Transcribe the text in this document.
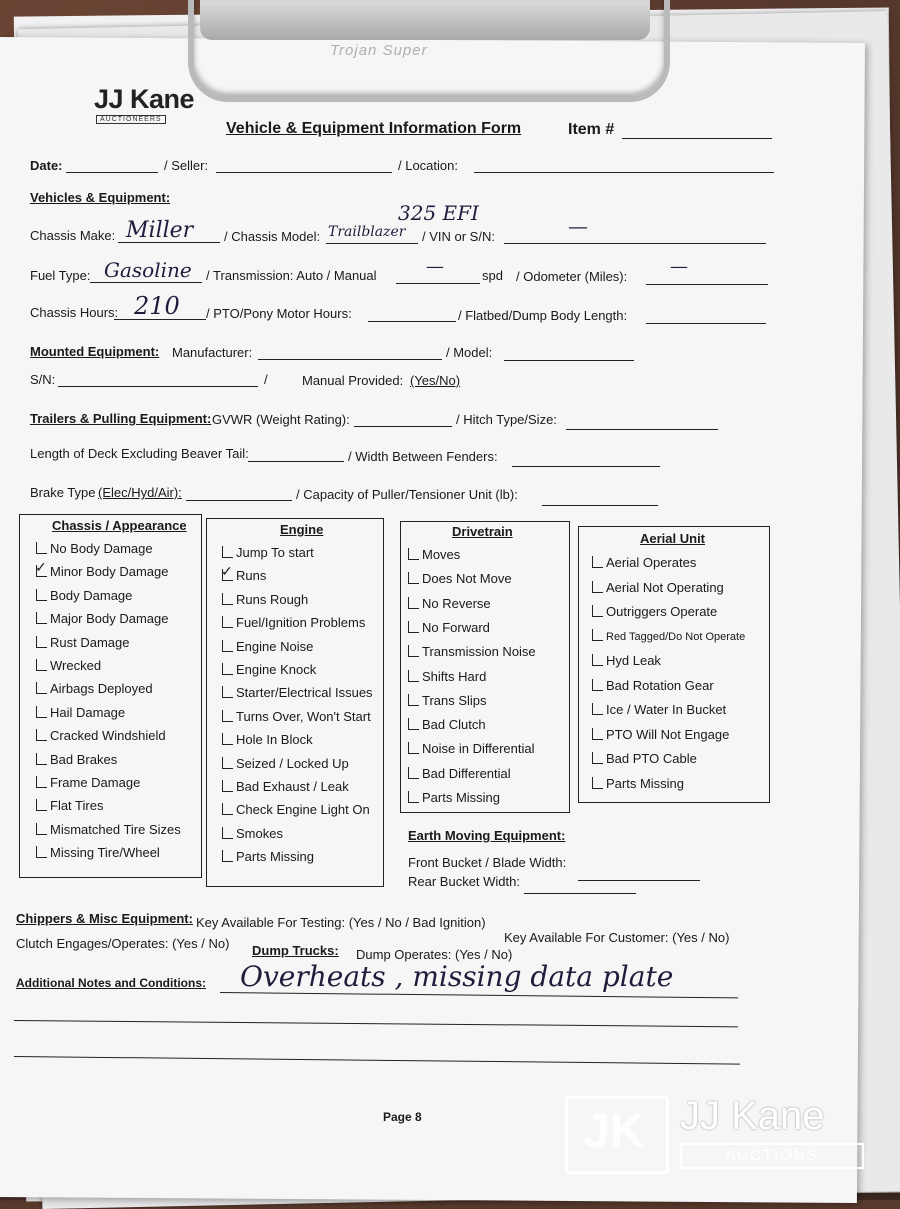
Trojan Super
JJ Kane
AUCTIONEERS
Vehicle & Equipment Information Form	Item #
Date:	/ Seller:	/ Location:
Vehicles & Equipment:
Chassis Make: Miller / Chassis Model: Trailblazer
325 EFI
/ VIN or S/N:	—
Fuel Type: Gasoline / Transmission: Auto / Manual	—	spd / Odometer (Miles): —
Chassis Hours: 210 / PTO/Pony Motor Hours:	/ Flatbed/Dump Body Length:
Mounted Equipment: Manufacturer:	/ Model:
S/N:	/	Manual Provided: (Yes/No)
Trailers & Pulling Equipment: GVWR (Weight Rating):	/ Hitch Type/Size:
Length of Deck Excluding Beaver Tail:	/ Width Between Fenders:
Brake Type (Elec/Hyd/Air):	/ Capacity of Puller/Tensioner Unit (lb):
Chassis / Appearance
No Body Damage
✓Minor Body Damage
Body Damage
Major Body Damage
Rust Damage
Wrecked
Airbags Deployed
Hail Damage
Cracked Windshield
Bad Brakes
Frame Damage
Flat Tires
Mismatched Tire Sizes
Missing Tire/Wheel
Engine
Jump To start
✓Runs
Runs Rough
Fuel/Ignition Problems
Engine Noise
Engine Knock
Starter/Electrical Issues
Turns Over, Won't Start
Hole In Block
Seized / Locked Up
Bad Exhaust / Leak
Check Engine Light On
Smokes
Parts Missing
Drivetrain
Moves
Does Not Move
No Reverse
No Forward
Transmission Noise
Shifts Hard
Trans Slips
Bad Clutch
Noise in Differential
Bad Differential
Parts Missing
Aerial Unit
Aerial Operates
Aerial Not Operating
Outriggers Operate
Red Tagged/Do Not Operate
Hyd Leak
Bad Rotation Gear
Ice / Water In Bucket
PTO Will Not Engage
Bad PTO Cable
Parts Missing
Earth Moving Equipment:
Front Bucket / Blade Width:
Rear Bucket Width:
Chippers & Misc Equipment: Key Available For Testing: (Yes / No / Bad Ignition)
Key Available For Customer: (Yes / No)
Clutch Engages/Operates: (Yes / No) Dump Trucks: Dump Operates: (Yes / No)
Additional Notes and Conditions: Overheats , missing data plate
Page 8	JK JJ Kane
AUCTIONS
